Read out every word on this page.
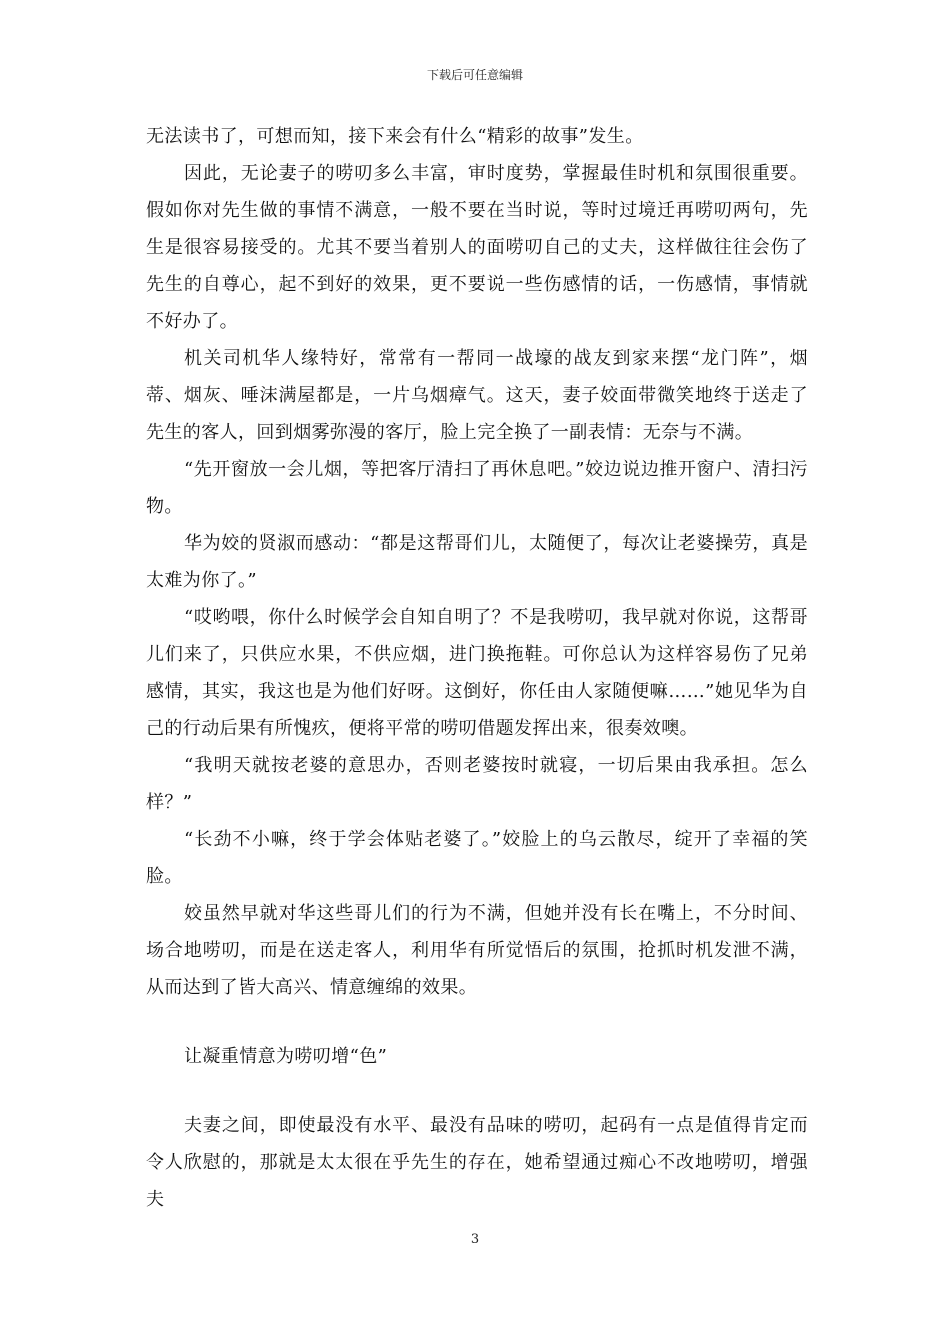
下载后可任意编辑

无法读书了，可想而知，接下来会有什么“精彩的故事”发生。

因此，无论妻子的唠叨多么丰富，审时度势，掌握最佳时机和氛围很重要。假如你对先生做的事情不满意，一般不要在当时说，等时过境迁再唠叨两句，先生是很容易接受的。尤其不要当着别人的面唠叨自己的丈夫，这样做往往会伤了先生的自尊心，起不到好的效果，更不要说一些伤感情的话，一伤感情，事情就不好办了。

机关司机华人缘特好，常常有一帮同一战壕的战友到家来摆“龙门阵”，烟蒂、烟灰、唾沫满屋都是，一片乌烟瘴气。这天，妻子姣面带微笑地终于送走了先生的客人，回到烟雾弥漫的客厅，脸上完全换了一副表情：无奈与不满。

“先开窗放一会儿烟，等把客厅清扫了再休息吧。”姣边说边推开窗户、清扫污物。

华为姣的贤淑而感动：“都是这帮哥们儿，太随便了，每次让老婆操劳，真是太难为你了。”

“哎哟喂，你什么时候学会自知自明了？不是我唠叨，我早就对你说，这帮哥儿们来了，只供应水果，不供应烟，进门换拖鞋。可你总认为这样容易伤了兄弟感情，其实，我这也是为他们好呀。这倒好，你任由人家随便嘛……”她见华为自己的行动后果有所愧疚，便将平常的唠叨借题发挥出来，很奏效噢。

“我明天就按老婆的意思办，否则老婆按时就寝，一切后果由我承担。怎么样？”

“长劲不小嘛，终于学会体贴老婆了。”姣脸上的乌云散尽，绽开了幸福的笑脸。

姣虽然早就对华这些哥儿们的行为不满，但她并没有长在嘴上，不分时间、场合地唠叨，而是在送走客人，利用华有所觉悟后的氛围，抢抓时机发泄不满，从而达到了皆大高兴、情意缠绵的效果。

让凝重情意为唠叨增“色”

夫妻之间，即使最没有水平、最没有品味的唠叨，起码有一点是值得肯定而令人欣慰的，那就是太太很在乎先生的存在，她希望通过痴心不改地唠叨，增强夫

3
